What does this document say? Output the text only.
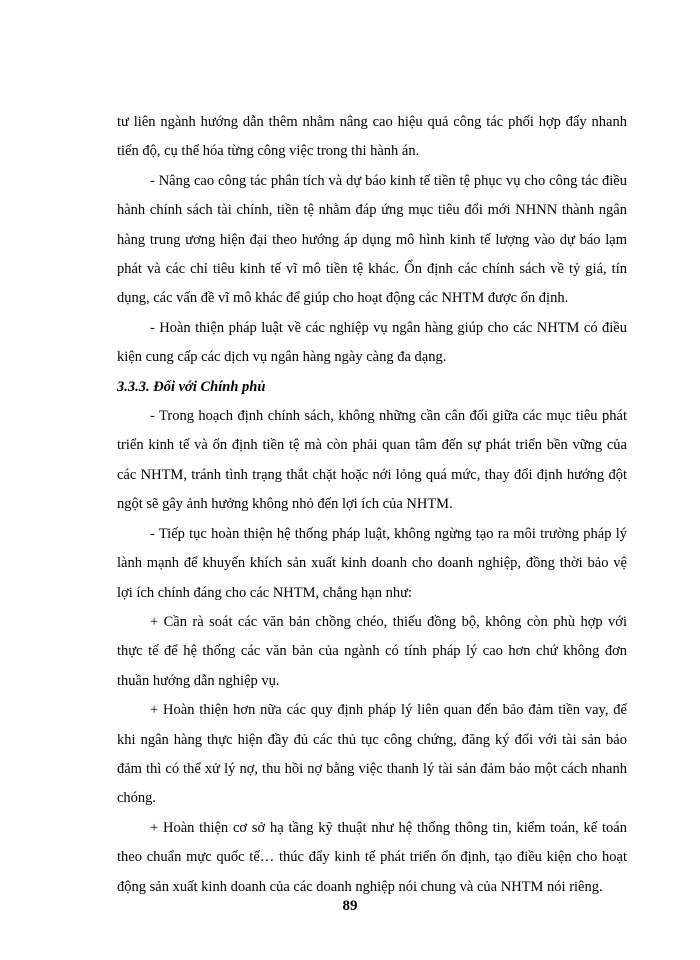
tư liên ngành hướng dẫn thêm nhằm nâng cao hiệu quả công tác phối hợp đẩy nhanh tiến độ, cụ thể hóa từng công việc trong thi hành án.

- Nâng cao công tác phân tích và dự báo kinh tế tiền tệ phục vụ cho công tác điều hành chính sách tài chính, tiền tệ nhằm đáp ứng mục tiêu đổi mới NHNN thành ngân hàng trung ương hiện đại theo hướng áp dụng mô hình kinh tế lượng vào dự báo lạm phát và các chỉ tiêu kinh tế vĩ mô tiền tệ khác. Ổn định các chính sách về tỷ giá, tín dụng, các vấn đề vĩ mô khác để giúp cho hoạt động các NHTM được ổn định.

- Hoàn thiện pháp luật về các nghiệp vụ ngân hàng giúp cho các NHTM có điều kiện cung cấp các dịch vụ ngân hàng ngày càng đa dạng.

3.3.3. Đối với Chính phủ

- Trong hoạch định chính sách, không những cần cân đối giữa các mục tiêu phát triển kinh tế và ổn định tiền tệ mà còn phải quan tâm đến sự phát triển bền vững của các NHTM, tránh tình trạng thắt chặt hoặc nới lỏng quá mức, thay đổi định hướng đột ngột sẽ gây ảnh hưởng không nhỏ đến lợi ích của NHTM.

- Tiếp tục hoàn thiện hệ thống pháp luật, không ngừng tạo ra môi trường pháp lý lành mạnh để khuyến khích sản xuất kinh doanh cho doanh nghiệp, đồng thời bảo vệ lợi ích chính đáng cho các NHTM, chẳng hạn như:

+ Cần rà soát các văn bản chồng chéo, thiếu đồng bộ, không còn phù hợp với thực tế để hệ thống các văn bản của ngành có tính pháp lý cao hơn chứ không đơn thuần hướng dẫn nghiệp vụ.

+ Hoàn thiện hơn nữa các quy định pháp lý liên quan đến bảo đảm tiền vay, để khi ngân hàng thực hiện đầy đủ các thủ tục công chứng, đăng ký đối với tài sản bảo đảm thì có thể xử lý nợ, thu hồi nợ bằng việc thanh lý tài sản đảm bảo một cách nhanh chóng.

+ Hoàn thiện cơ sở hạ tầng kỹ thuật như hệ thống thông tin, kiểm toán, kế toán theo chuẩn mực quốc tế… thúc đẩy kinh tế phát triển ổn định, tạo điều kiện cho hoạt động sản xuất kinh doanh của các doanh nghiệp nói chung và của NHTM nói riêng.

89
